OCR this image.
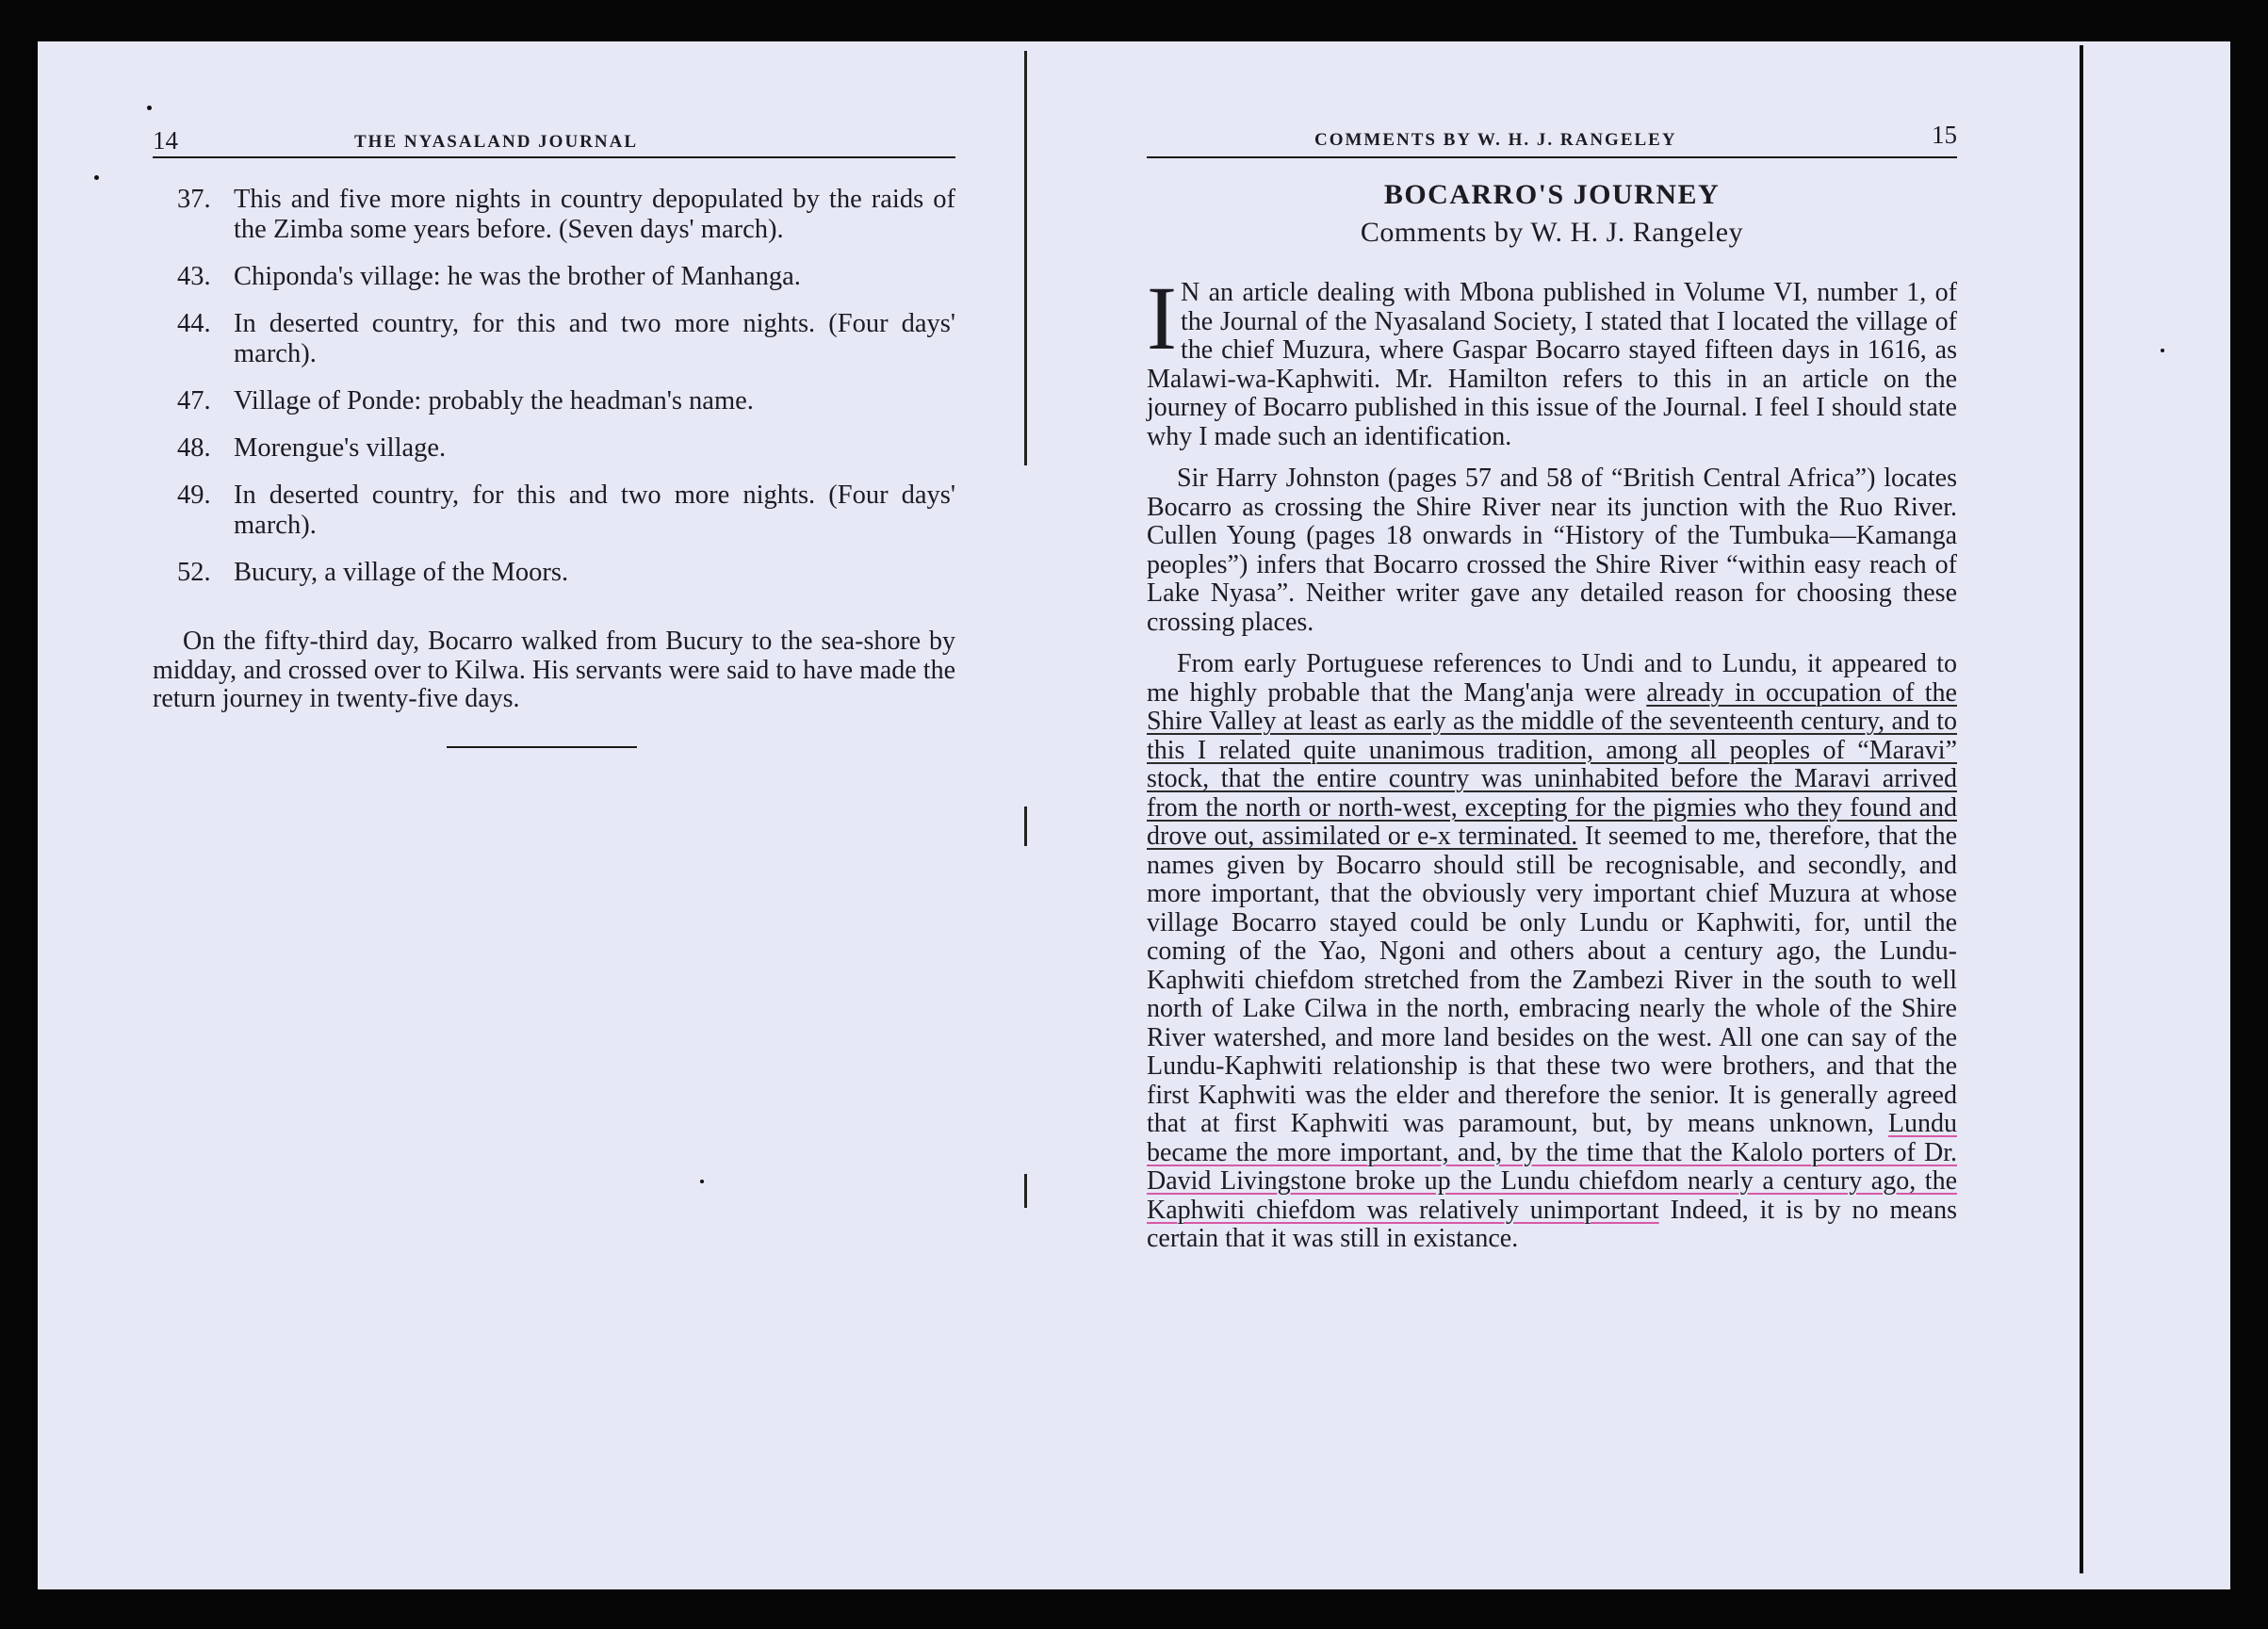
14	THE NYASALAND JOURNAL
37. This and five more nights in country depopulated by the raids of the Zimba some years before. (Seven days' march).
43. Chiponda's village: he was the brother of Manhanga.
44. In deserted country, for this and two more nights. (Four days' march).
47. Village of Ponde: probably the headman's name.
48. Morengue's village.
49. In deserted country, for this and two more nights. (Four days' march).
52. Bucury, a village of the Moors.

On the fifty-third day, Bocarro walked from Bucury to the sea-shore by midday, and crossed over to Kilwa. His servants were said to have made the return journey in twenty-five days.

COMMENTS BY W. H. J. RANGELEY	15
BOCARRO'S JOURNEY
Comments by W. H. J. Rangeley

I N an article dealing with Mbona published in Volume VI, number 1, of the Journal of the Nyasaland Society, I stated that I located the village of the chief Muzura, where Gaspar Bocarro stayed fifteen days in 1616, as Malawi-wa-Kaphwiti. Mr. Hamilton refers to this in an article on the journey of Bocarro published in this issue of the Journal. I feel I should state why I made such an identification.

Sir Harry Johnston (pages 57 and 58 of “British Central Africa”) locates Bocarro as crossing the Shire River near its junction with the Ruo River. Cullen Young (pages 18 onwards in “History of the Tumbuka—Kamanga peoples”) infers that Bocarro crossed the Shire River “within easy reach of Lake Nyasa”. Neither writer gave any detailed reason for choosing these crossing places.

From early Portuguese references to Undi and to Lundu, it appeared to me highly probable that the Mang'anja were already in occupation of the Shire Valley at least as early as the middle of the seventeenth century, and to this I related quite unanimous tradition, among all peoples of “Maravi” stock, that the entire country was uninhabited before the Maravi arrived from the north or north-west, excepting for the pigmies who they found and drove out, assimilated or e-x terminated. It seemed to me, therefore, that the names given by Bocarro should still be recognisable, and secondly, and more important, that the obviously very important chief Muzura at whose village Bocarro stayed could be only Lundu or Kaphwiti, for, until the coming of the Yao, Ngoni and others about a century ago, the Lundu-Kaphwiti chiefdom stretched from the Zambezi River in the south to well north of Lake Cilwa in the north, embracing nearly the whole of the Shire River watershed, and more land besides on the west. All one can say of the Lundu-Kaphwiti relationship is that these two were brothers, and that the first Kaphwiti was the elder and therefore the senior. It is generally agreed that at first Kaphwiti was paramount, but, by means unknown, Lundu became the more important, and, by the time that the Kalolo porters of Dr. David Livingstone broke up the Lundu chiefdom nearly a century ago, the Kaphwiti chiefdom was relatively unimportant Indeed, it is by no means certain that it was still in existance.
